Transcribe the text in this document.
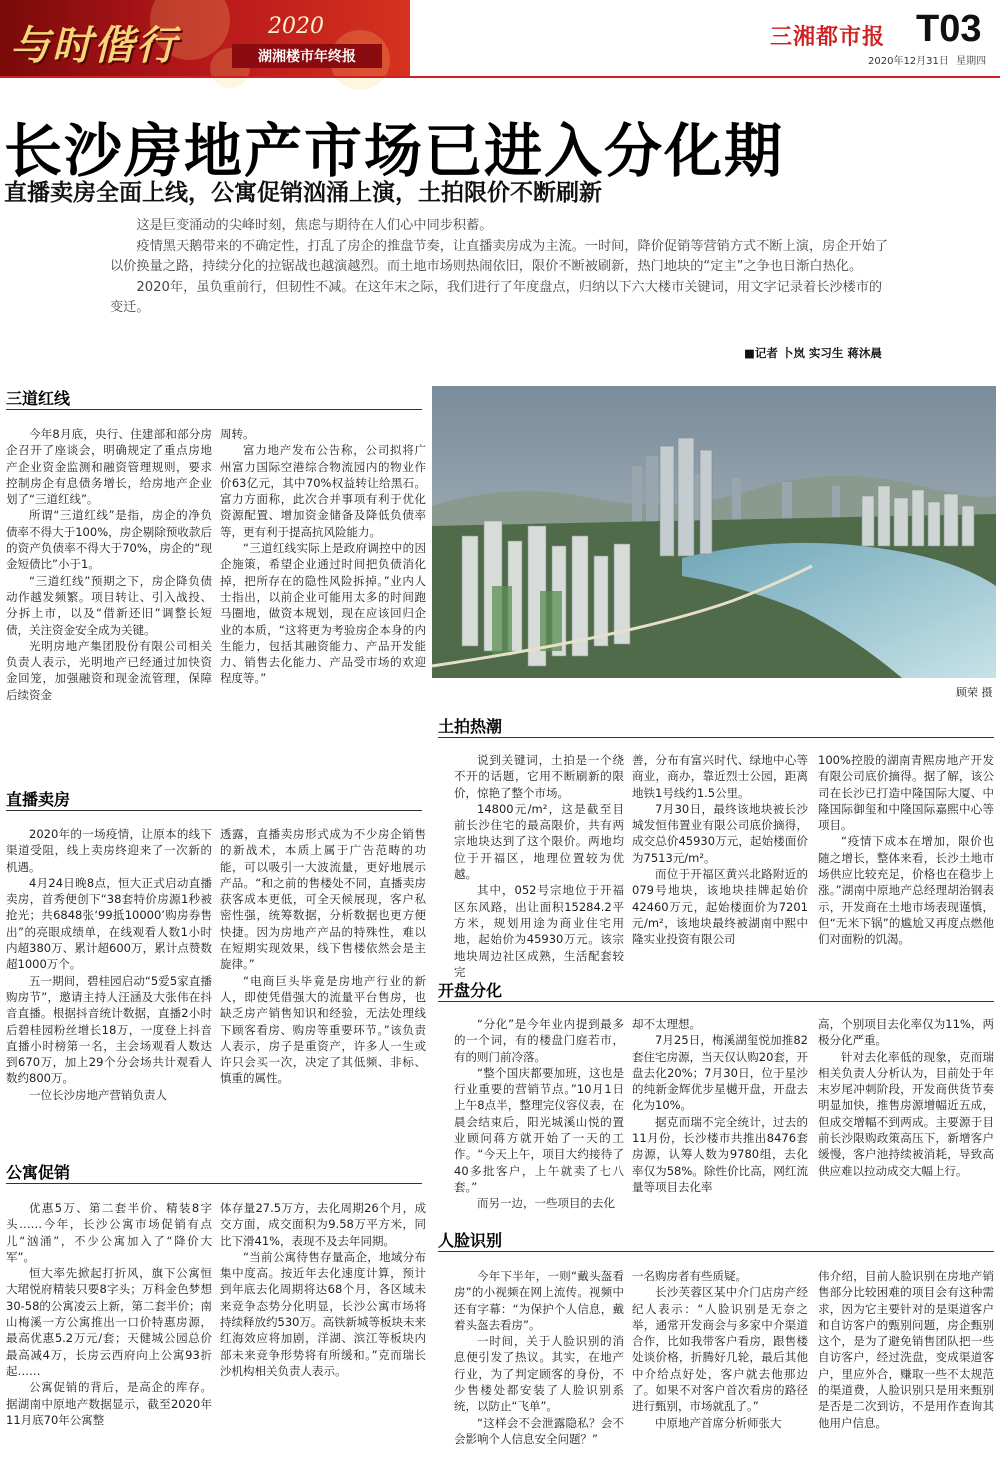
与时偕行	2020
湖湘楼市年终报
三湘都市报 T03
2020年12月31日 星期四
长沙房地产市场已进入分化期
直播卖房全面上线，公寓促销汹涌上演，土拍限价不断刷新

这是巨变涌动的尖峰时刻，焦虑与期待在人们心中同步积蓄。

疫情黑天鹅带来的不确定性，打乱了房企的推盘节奏，让直播卖房成为主流。一时间，降价促销等营销方式不断上演，房企开始了以价换量之路，持续分化的拉锯战也越演越烈。而土地市场则热闹依旧，限价不断被刷新，热门地块的“定主”之争也日渐白热化。

2020年，虽负重前行，但韧性不减。在这年末之际，我们进行了年度盘点，归纳以下六大楼市关键词，用文字记录着长沙楼市的变迁。

■记者 卜岚 实习生 蒋沐晨
三道红线

今年8月底，央行、住建部和部分房企召开了座谈会，明确规定了重点房地产企业资金监测和融资管理规则，要求控制房企有息债务增长，给房地产企业划了“三道红线”。

所谓“三道红线”是指，房企的净负债率不得大于100%，房企剔除预收款后的资产负债率不得大于70%，房企的“现金短债比”小于1。

“三道红线”预期之下，房企降负债动作越发频繁。项目转让、引入战投、分拆上市，以及“借新还旧”调整长短债，关注资金安全成为关键。

光明房地产集团股份有限公司相关负责人表示，光明地产已经通过加快资金回笼，加强融资和现金流管理，保障后续资金

周转。

富力地产发布公告称，公司拟将广州富力国际空港综合物流园内的物业作价63亿元，其中70%权益转让给黑石。富力方面称，此次合并事项有利于优化资源配置、增加资金储备及降低负债率等，更有利于提高抗风险能力。

“三道红线实际上是政府调控中的因企施策，希望企业通过时间把负债消化掉，把所存在的隐性风险拆掉。”业内人士指出，以前企业可能用太多的时间跑马圈地，做资本规划，现在应该回归企业的本质，“这将更为考验房企本身的内生能力，包括其融资能力、产品开发能力、销售去化能力、产品受市场的欢迎程度等。”

直播卖房

2020年的一场疫情，让原本的线下渠道受阻，线上卖房终迎来了一次新的机遇。

4月24日晚8点，恒大正式启动直播卖房，首秀便创下“38套特价房源1秒被抢光；共6848张‘99抵10000’购房券售出”的亮眼成绩单，在线观看人数1小时内超380万、累计超600万，累计点赞数超1000万个。

五一期间，碧桂园启动“5爱5家直播购房节”，邀请主持人汪涵及大张伟在抖音直播。根据抖音统计数据，直播2小时后碧桂园粉丝增长18万，一度登上抖音直播小时榜第一名，主会场观看人数达到670万，加上29个分会场共计观看人数约800万。

一位长沙房地产营销负责人

透露，直播卖房形式成为不少房企销售的新战术，本质上属于广告范畴的功能，可以吸引一大波流量，更好地展示产品。“和之前的售楼处不同，直播卖房获客成本更低，可全天候展现，客户私密性强，统筹数据，分析数据也更方便快捷。因为房地产产品的特殊性，难以在短期实现效果，线下售楼依然会是主旋律。”

“电商巨头毕竟是房地产行业的新人，即使凭借强大的流量平台售房，也缺乏房产销售知识和经验，无法处理线下顾客看房、购房等重要环节。”该负责人表示，房子是重资产，许多人一生或许只会买一次，决定了其低频、非标、慎重的属性。

公寓促销

优惠5万、第二套半价、精装8字头……今年，长沙公寓市场促销有点儿“汹涌”，不少公寓加入了“降价大军”。

恒大率先掀起打折风，旗下公寓恒大珺悦府精装只要8字头；万科金色梦想30-58的公寓凌云上新，第二套半价；南山梅溪一方公寓推出一口价特惠房源，最高优惠5.2万元/套；天健城公园总价最高减4万，长房云西府向上公寓93折起……

公寓促销的背后，是高企的库存。据湖南中原地产数据显示，截至2020年11月底70年公寓整

体存量27.5万方，去化周期26个月，成交方面，成交面积为9.58万平方米，同比下滑41%，表现不及去年同期。

“当前公寓待售存量高企，地域分布集中度高。按近年去化速度计算，预计到年底去化周期将达68个月，各区域未来竞争态势分化明显，长沙公寓市场将持续释放约530万。高铁新城等板块未来红海效应将加剧，洋湖、滨江等板块内部未来竞争形势将有所缓和。”克而瑞长沙机构相关负责人表示。

顾荣 摄
土拍热潮

说到关键词，土拍是一个绕不开的话题，它用不断刷新的限价，惊艳了整个市场。

14800元/m²，这是截至目前长沙住宅的最高限价，共有两宗地块达到了这个限价。两地均位于开福区，地理位置较为优越。

其中，052号宗地位于开福区东风路，出让面积15284.2平方米，规划用途为商业住宅用地，起始价为45930万元。该宗地块周边社区成熟，生活配套较完

善，分布有富兴时代、绿地中心等商业，商办，靠近烈士公园，距离地铁1号线约1.5公里。

7月30日，最终该地块被长沙城发恒伟置业有限公司底价摘得，成交总价45930万元，起始楼面价为7513元/m²。

而位于开福区黄兴北路附近的079号地块，该地块挂牌起始价42460万元，起始楼面价为7201元/m²，该地块最终被湖南中熙中隆实业投资有限公司

100%控股的湖南青熙房地产开发有限公司底价摘得。据了解，该公司在长沙已打造中隆国际大厦、中隆国际御玺和中隆国际嘉熙中心等项目。

“疫情下成本在增加，限价也随之增长，整体来看，长沙土地市场供应比较充足，价格也在稳步上涨。”湖南中原地产总经理胡治钢表示，开发商在土地市场表现谨慎，但“无米下锅”的尴尬又再度点燃他们对面粉的饥渴。

开盘分化

“分化”是今年业内提到最多的一个词，有的楼盘门庭若市，有的则门前冷落。

“整个国庆都要加班，这也是行业重要的营销节点。”10月1日上午8点半，整理完仪容仪表，在晨会结束后，阳光城溪山悦的置业顾问蒋方就开始了一天的工作。“今天上午，项目大约接待了40多批客户，上午就卖了七八套。”

而另一边，一些项目的去化

却不太理想。

7月25日，梅溪湖玺悦加推82套住宅房源，当天仅认购20套，开盘去化20%；7月30日，位于星沙的纯新金辉优步星樾开盘，开盘去化为10%。

据克而瑞不完全统计，过去的11月份，长沙楼市共推出8476套房源，认筹人数为9780组，去化率仅为58%。除性价比高，网红流量等项目去化率

高，个别项目去化率仅为11%，两极分化严重。

针对去化率低的现象，克而瑞相关负责人分析认为，目前处于年末岁尾冲刺阶段，开发商供货节奏明显加快，推售房源增幅近五成，但成交增幅不到两成。主要源于目前长沙限购政策高压下，新增客户缓慢，客户池持续被消耗，导致高供应难以拉动成交大幅上行。

人脸识别

今年下半年，一则“戴头盔看房”的小视频在网上流传。视频中还有字幕：“为保护个人信息，戴着头盔去看房”。

一时间，关于人脸识别的消息便引发了热议。其实，在地产行业，为了判定顾客的身份，不少售楼处都安装了人脸识别系统，以防止“飞单”。

“这样会不会泄露隐私？会不会影响个人信息安全问题？”

一名购房者有些质疑。

长沙芙蓉区某中介门店房产经纪人表示：“人脸识别是无奈之举，通常开发商会与多家中介渠道合作，比如我带客户看房，跟售楼处谈价格，折腾好几轮，最后其他中介给点好处，客户就去他那边了。如果不对客户首次看房的路径进行甄别，市场就乱了。”

中原地产首席分析师张大

伟介绍，目前人脸识别在房地产销售部分比较困难的项目会有这种需求，因为它主要针对的是渠道客户和自访客户的甄别问题，房企甄别这个，是为了避免销售团队把一些自访客户，经过洗盘，变成渠道客户，里应外合，赚取一些不太规范的渠道费，人脸识别只是用来甄别是否是二次到访，不是用作查询其他用户信息。
